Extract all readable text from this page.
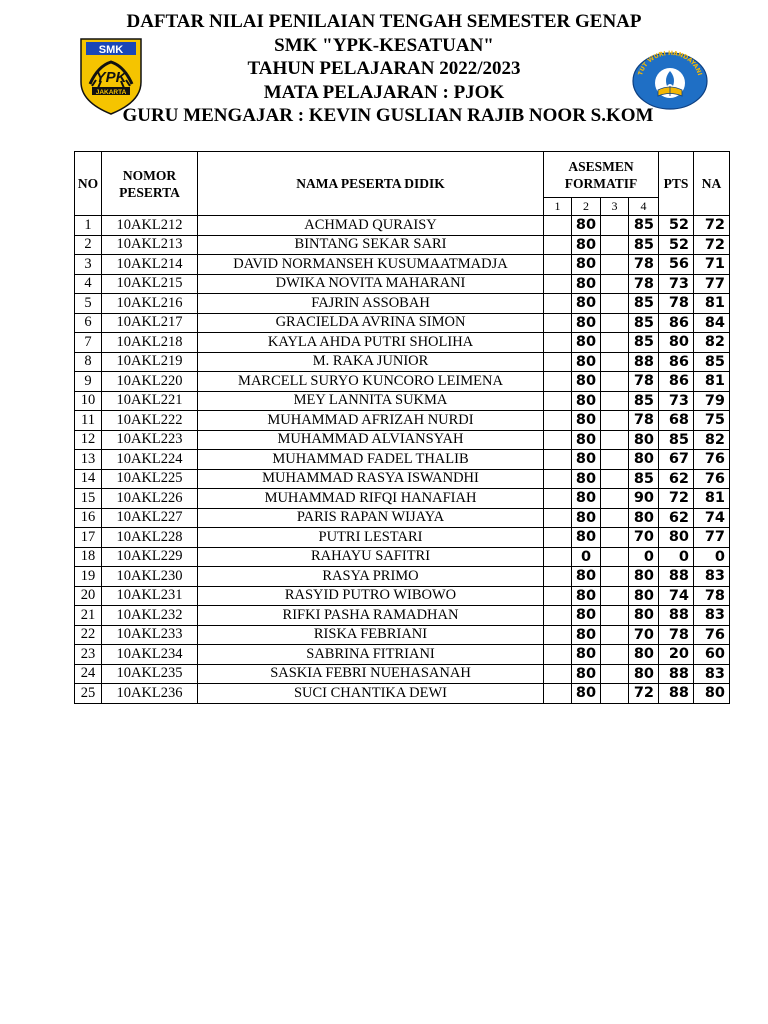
DAFTAR NILAI PENILAIAN TENGAH SEMESTER GENAP
SMK "YPK-KESATUAN"
TAHUN PELAJARAN 2022/2023
MATA PELAJARAN : PJOK
GURU MENGAJAR : KEVIN GUSLIAN RAJIB NOOR S.KOM
SMK
YPK
JAKARTA
TUT WURI HANDAYANI
NO	NOMOR PESERTA	NAMA PESERTA DIDIK	ASESMEN FORMATIF				PTS	NA
			1	2	3	4		
1	10AKL212	ACHMAD QURAISY		80		85	52	72
2	10AKL213	BINTANG SEKAR SARI		80		85	52	72
3	10AKL214	DAVID NORMANSEH KUSUMAATMADJA		80		78	56	71
4	10AKL215	DWIKA NOVITA MAHARANI		80		78	73	77
5	10AKL216	FAJRIN ASSOBAH		80		85	78	81
6	10AKL217	GRACIELDA AVRINA SIMON		80		85	86	84
7	10AKL218	KAYLA AHDA PUTRI SHOLIHA		80		85	80	82
8	10AKL219	M. RAKA JUNIOR		80		88	86	85
9	10AKL220	MARCELL SURYO KUNCORO LEIMENA		80		78	86	81
10	10AKL221	MEY LANNITA SUKMA		80		85	73	79
11	10AKL222	MUHAMMAD AFRIZAH NURDI		80		78	68	75
12	10AKL223	MUHAMMAD ALVIANSYAH		80		80	85	82
13	10AKL224	MUHAMMAD FADEL THALIB		80		80	67	76
14	10AKL225	MUHAMMAD RASYA ISWANDHI		80		85	62	76
15	10AKL226	MUHAMMAD RIFQI HANAFIAH		80		90	72	81
16	10AKL227	PARIS RAPAN WIJAYA		80		80	62	74
17	10AKL228	PUTRI LESTARI		80		70	80	77
18	10AKL229	RAHAYU SAFITRI		0		0	0	0
19	10AKL230	RASYA PRIMO		80		80	88	83
20	10AKL231	RASYID PUTRO WIBOWO		80		80	74	78
21	10AKL232	RIFKI PASHA RAMADHAN		80		80	88	83
22	10AKL233	RISKA FEBRIANI		80		70	78	76
23	10AKL234	SABRINA FITRIANI		80		80	20	60
24	10AKL235	SASKIA FEBRI NUEHASANAH		80		80	88	83
25	10AKL236	SUCI CHANTIKA DEWI		80		72	88	80
